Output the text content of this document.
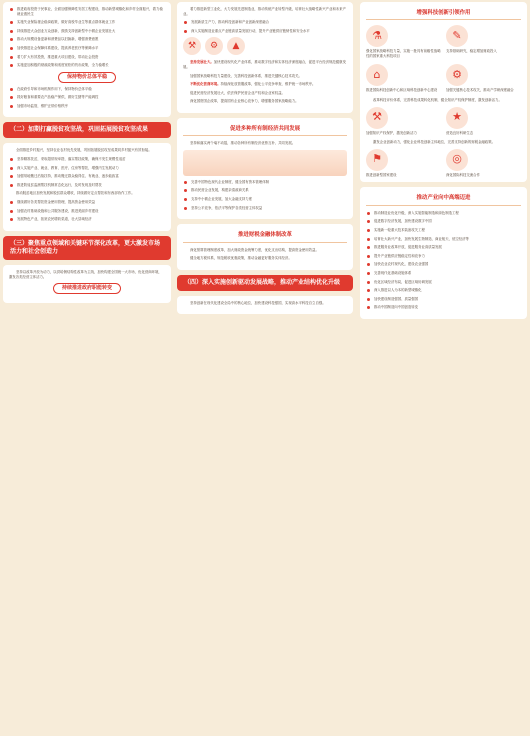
推进政府投资于民事业，全面加强保障性安居工程建设，推动新型城镇化和乡村全面振兴，着力稳就业惠民生
实施失业保险援企稳岗政策，做好高校毕业生等重点群体就业工作
持续推进大众创业万众创新，鼓励支持创新型中小微企业发展壮大
推动大规模设备更新和消费品以旧换新，增强消费意愿
加快推进社会保障体系建设，提高养老医疗等保障水平
着力扩大有效投资，推进重大项目建设，带动社会投资
实施更加积极的财政政策和适度宽松的货币政策，全力稳增长
保持物价总体平稳
在政府引导和市场机制作用下，保持物价总体平稳
抓好粮食和重要农产品稳产保供，做好生猪等产能调控
加强市场监管，维护正常价格秩序
（二）加期打赢脱贫攻坚战，巩固拓展脱贫攻坚成果

全面推进乡村振兴，坚持农业农村优先发展，巩固拓展脱贫攻坚成果同乡村振兴有效衔接。

坚持精准扶贫，采取超常规举措，落实帮扶政策，确保不发生规模性返贫
深入实施产业、就业、教育、医疗、住房等帮扶，增强内生发展动力
加强易地搬迁后续扶持，推动搬迁群众稳得住、有就业、逐步能致富
推进防返贫监测帮扶机制常态化运行，及时发现及时帮扶

推动脱贫地区加快发展和脱贫群众增收，持续做好定点帮扶和东西部协作工作。

继续做好各类帮扶资金使用管理，提高资金使用效益
加强农村基础设施和公共服务建设，推进美丽乡村建设
发展特色产业，拓宽农民增收渠道，壮大县域经济
（三）聚焦重点领域和关键环节深化改革，更大激发市场活力和社会创造力

坚持以改革开放为动力，以供给侧结构性改革为主线，加快构建全国统一大市场，优化营商环境，激发各类经营主体活力。

持续推进政府职能转变

着力推进新型工业化，大力发展先进制造业，推动传统产业转型升级，培育壮大战略性新兴产业和未来产业。

发展新质生产力，推动科技创新和产业创新深度融合
深入实施制造业重点产业链高质量发展行动，提升产业链供应链韧性和安全水平
⚒	⚙	▲

坚持发展壮大。加快建设现代化产业体系，推动数字经济和实体经济深度融合，促进平台经济规范健康发展。

加强国家战略科技力量建设，完善科技创新体系，推进关键核心技术攻关。

不断优化营商环境。持续深化放管服改革，强化公平竞争审查，维护统一市场秩序。

促进民营经济发展壮大，依法保护民营企业产权和企业家权益。

深化国资国企改革，提高国有企业核心竞争力，增强服务国家战略能力。

促进多种所有制经济共同发展

坚持和落实两个毫不动摇，推动各种所有制经济优势互补、共同发展。

完善中国特色现代企业制度，健全国有资本管理体制
推动民营企业发展，构建亲清政商关系
支持中小微企业发展，加大金融支持力度
坚持公平竞争，依法平等保护各类经营主体权益
推进财税金融体制改革

深化预算管理制度改革，加大财政资金统筹力度，优化支出结构，提高资金使用效益。

健全地方税体系，规范税收优惠政策，推动金融更好服务实体经济。

（四）深入实施创新驱动发展战略，推动产业结构优化升级

坚持创新在现代化建设全局中的核心地位，加快建设科技强国，实现高水平科技自立自强。

增强科技创新引领作用
⚗
强化国家战略科技力量，实施一批具有前瞻性战略性的国家重大科技项目
✎
支持基础研究，稳定增加财政投入
⌂
推进国际科技创新中心和区域科技创新中心建设
⚙
加强关键核心技术攻关，推动产学研深度融合

改革科技评价体系，完善科技成果转化机制，健全知识产权保护制度，激发创新活力。

⚒
加强知识产权保护，激发创新活力
★
营造良好科研生态

激发企业创新动力，强化企业科技创新主体地位，完善支持创新的财税金融政策。

⚑
推进创新型国家建设
◎
深化国际科技交流合作
推动产业向中高端迈进
推动制造业优化升级，深入实施智能制造和绿色制造工程
促进数字经济发展，加快建设数字中国
实施新一轮重大技术装备攻关工程
培育壮大新兴产业，加快发展生物制造、商业航天、低空经济等
推进服务业改革开放，促进服务业高质量发展
提升产业链供应链稳定性和竞争力
加快农业农村现代化，建设农业强国
完善现代化基础设施体系
优化区域经济布局，促进区域协调发展
深入推进以人为本的新型城镇化
加快建设制造强国、质量强国
推动中国制造向中国创造转变
